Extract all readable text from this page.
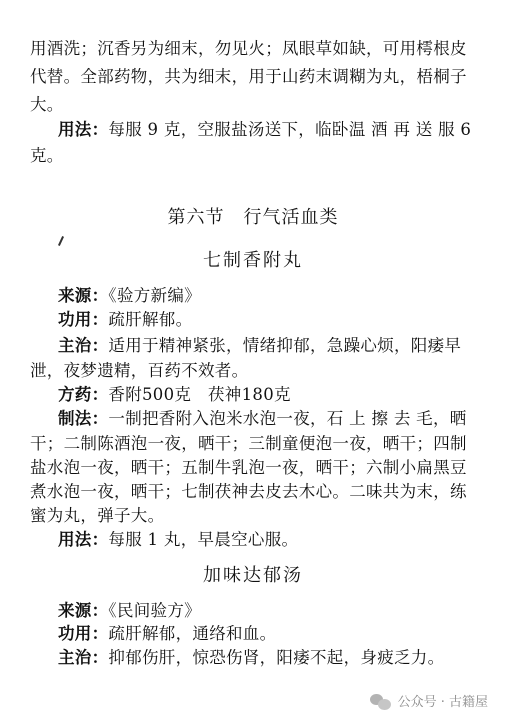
用酒洗；沉香另为细末，勿见火；凤眼草如缺，可用樗根皮
代替。全部药物，共为细末，用于山药末调糊为丸，梧桐子
大。
用法：每服 9 克，空服盐汤送下，临卧温 酒 再 送 服 6
克。
第六节　行气活血类
七制香附丸
来源：《验方新编》
功用：疏肝解郁。
主治：适用于精神紧张，情绪抑郁，急躁心烦，阳痿早
泄，夜梦遗精，百药不效者。
方药：香附500克　茯神180克
制法：一制把香附入泡米水泡一夜，石 上 擦 去 毛，晒
干；二制陈酒泡一夜，晒干；三制童便泡一夜，晒干；四制
盐水泡一夜，晒干；五制牛乳泡一夜，晒干；六制小扁黑豆
煮水泡一夜，晒干；七制茯神去皮去木心。二味共为末，练
蜜为丸，弹子大。
用法：每服 1 丸，早晨空心服。
加味达郁汤
来源：《民间验方》
功用：疏肝解郁，通络和血。
主治：抑郁伤肝，惊恐伤肾，阳痿不起，身疲乏力。
公众号 · 古籍屋
